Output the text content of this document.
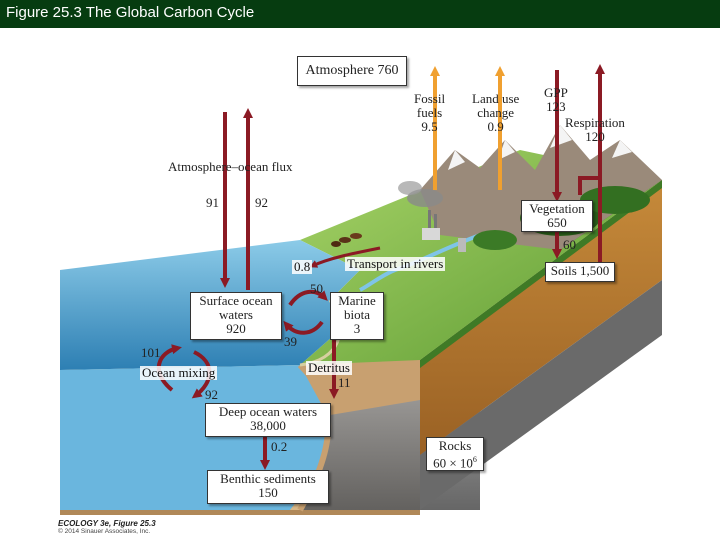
Figure 25.3 The Global Carbon Cycle
Atmosphere 760
Surface ocean
waters
920
Marine
biota
3
Deep ocean waters
38,000
Benthic sediments
150
Vegetation
650
Soils 1,500
Rocks
$60 \times 10^6$
Atmosphere–ocean flux
91	92
Fossil
fuels
9.5
Land use
change
0.9
GPP
123
Respiration
120
60
0.8	Transport in rivers
50
39
Detritus
11
101
Ocean mixing
92
0.2
ECOLOGY 3e, Figure 25.3
© 2014 Sinauer Associates, Inc.
